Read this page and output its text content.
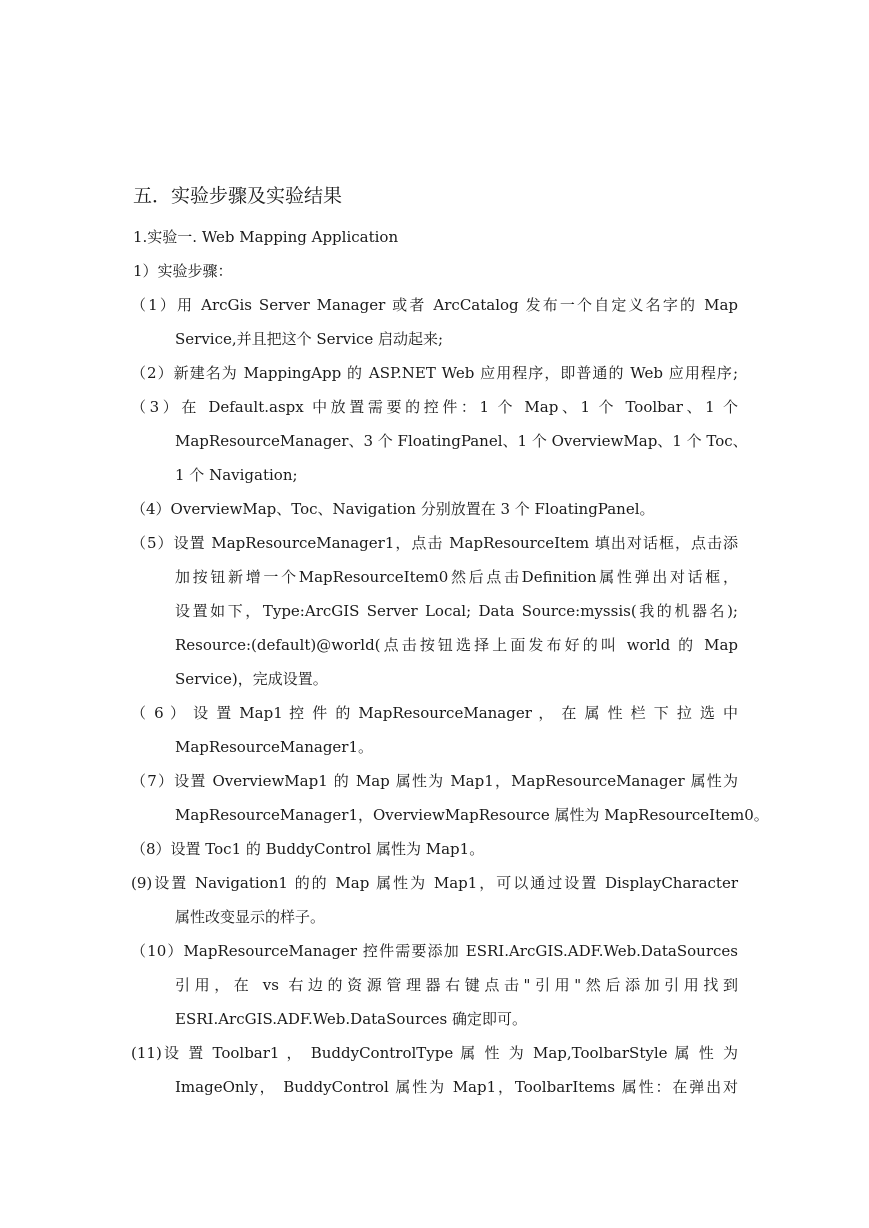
五．实验步骤及实验结果
1.实验一. Web Mapping Application
1）实验步骤：
（1）用 ArcGis Server Manager 或者 ArcCatalog 发布一个自定义名字的 Map
Service,并且把这个 Service 启动起来;
（2）新建名为 MappingApp 的 ASP.NET Web 应用程序，即普通的 Web 应用程序;
（3）在 Default.aspx 中放置需要的控件：1 个 Map、1 个 Toolbar、1 个
MapResourceManager、3 个 FloatingPanel、1 个 OverviewMap、1 个 Toc、
1 个 Navigation;
（4）OverviewMap、Toc、Navigation 分别放置在 3 个 FloatingPanel。
（5）设置 MapResourceManager1，点击 MapResourceItem 填出对话框，点击添
加按钮新增一个MapResourceItem0然后点击Definition属性弹出对话框，
设置如下，Type:ArcGIS Server Local; Data Source:myssis(我的机器名);
Resource:(default)@world(点击按钮选择上面发布好的叫 world 的 Map
Service)，完成设置。
（ 6 ） 设 置 Map1 控 件 的 MapResourceManager ， 在 属 性 栏 下 拉 选 中
MapResourceManager1。
（7）设置 OverviewMap1 的 Map 属性为 Map1，MapResourceManager 属性为
MapResourceManager1，OverviewMapResource 属性为 MapResourceItem0。
（8）设置 Toc1 的 BuddyControl 属性为 Map1。
(9)设置 Navigation1 的的 Map 属性为 Map1，可以通过设置 DisplayCharacter
属性改变显示的样子。
（10）MapResourceManager 控件需要添加 ESRI.ArcGIS.ADF.Web.DataSources
引用，在 vs 右边的资源管理器右键点击"引用"然后添加引用找到
ESRI.ArcGIS.ADF.Web.DataSources 确定即可。
(11)设 置 Toolbar1 ， BuddyControlType 属 性 为 Map,ToolbarStyle 属 性 为
ImageOnly， BuddyControl 属性为 Map1，ToolbarItems 属性：在弹出对
